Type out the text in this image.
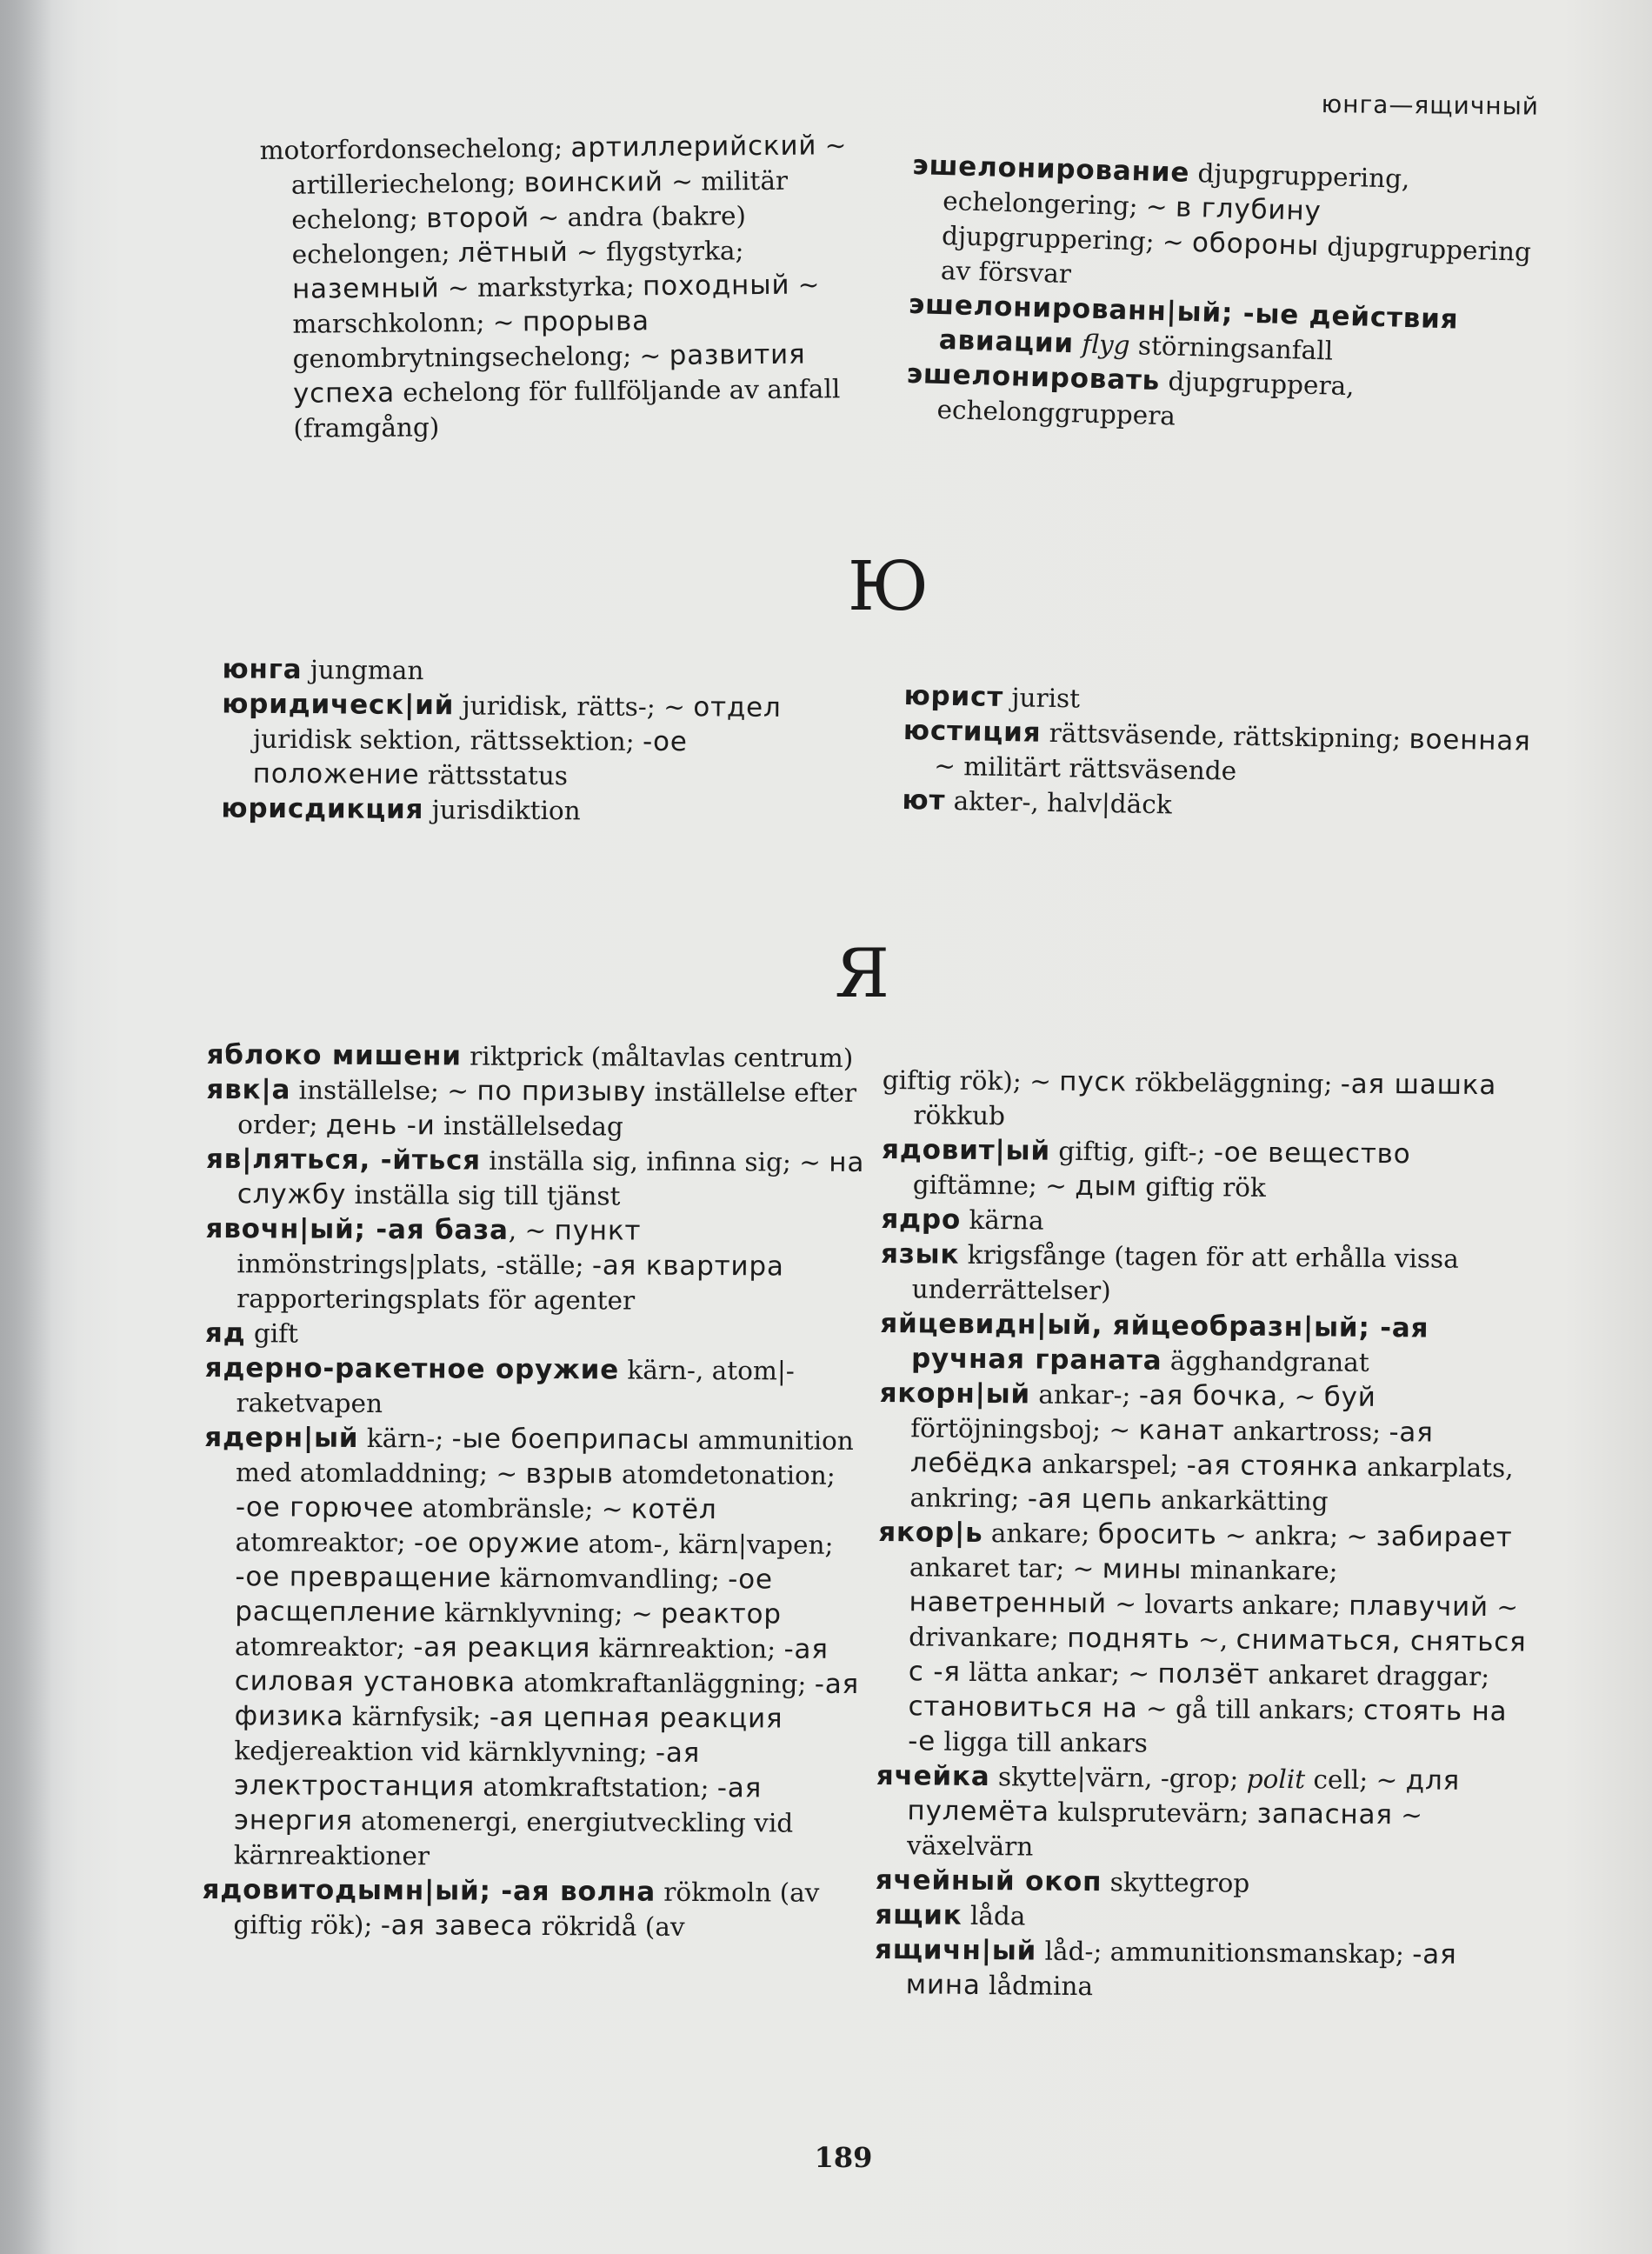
юнга—ящичный

motorfordonsechelong; артиллерийский ~ artilleriechelong; воинский ~ militär echelong; второй ~ andra (bakre) echelongen; лётный ~ flygstyrka; наземный ~ markstyrka; походный ~ marschkolonn; ~ прорыва genombrytningsechelong; ~ развития успеха echelong för fullföljande av anfall (framgång)

эшелонирование djupgruppering, echelongering; ~ в глубину djupgruppering; ~ обороны djupgruppering av försvar

эшелонированн|ый; -ые действия авиации flyg störningsanfall

эшелонировать djupgruppera, echelonggruppera

Ю

юнга jungman

юридическ|ий juridisk, rätts-; ~ отдел juridisk sektion, rättssektion; -ое положение rättsstatus

юрисдикция jurisdiktion

юрист jurist

юстиция rättsväsende, rättskipning; военная ~ militärt rättsväsende

ют akter-, halv|däck

Я

яблоко мишени riktprick (måltavlas centrum)

явк|а inställelse; ~ по призыву inställelse efter order; день -и inställelsedag

яв|ляться, -йться inställa sig, infinna sig; ~ на службу inställa sig till tjänst

явочн|ый; -ая база, ~ пункт inmönstrings|plats, -ställe; -ая квартира rapporteringsplats för agenter

яд gift

ядерно-ракетное оружие kärn-, atom|-raketvapen

ядерн|ый kärn-; -ые боеприпасы ammunition med atomladdning; ~ взрыв atomdetonation; -ое горючее atombränsle; ~ котёл atomreaktor; -ое оружие atom-, kärn|vapen; -ое превращение kärnomvandling; -ое расщепление kärnklyvning; ~ реактор atomreaktor; -ая реакция kärnreaktion; -ая силовая установка atomkraftanläggning; -ая физика kärnfysik; -ая цепная реакция kedjereaktion vid kärnklyvning; -ая электростанция atomkraftstation; -ая энергия atomenergi, energiutveckling vid kärnreaktioner

ядовитодымн|ый; -ая волна rökmoln (av giftig rök); -ая завеса rökridå (av

giftig rök); ~ пуск rökbeläggning; -ая шашка rökkub

ядовит|ый giftig, gift-; -ое вещество giftämne; ~ дым giftig rök

ядро kärna

язык krigsfånge (tagen för att erhålla vissa underrättelser)

яйцевидн|ый, яйцеобразн|ый; -ая ручная граната ägghandgranat

якорн|ый ankar-; -ая бочка, ~ буй förtöjningsboj; ~ канат ankartross; -ая лебёдка ankarspel; -ая стоянка ankarplats, ankring; -ая цепь ankarkätting

якор|ь ankare; бросить ~ ankra; ~ забирает ankaret tar; ~ мины minankare; наветренный ~ lovarts ankare; плавучий ~ drivankare; поднять ~, сниматься, сняться с -я lätta ankar; ~ ползёт ankaret draggar; становиться на ~ gå till ankars; стоять на -е ligga till ankars

ячейка skytte|värn, -grop; polit cell; ~ для пулемёта kulsprutevärn; запасная ~ växelvärn

ячейный окоп skyttegrop

ящик låda

ящичн|ый låd-; ammunitionsmanskap; -ая мина lådmina

189
